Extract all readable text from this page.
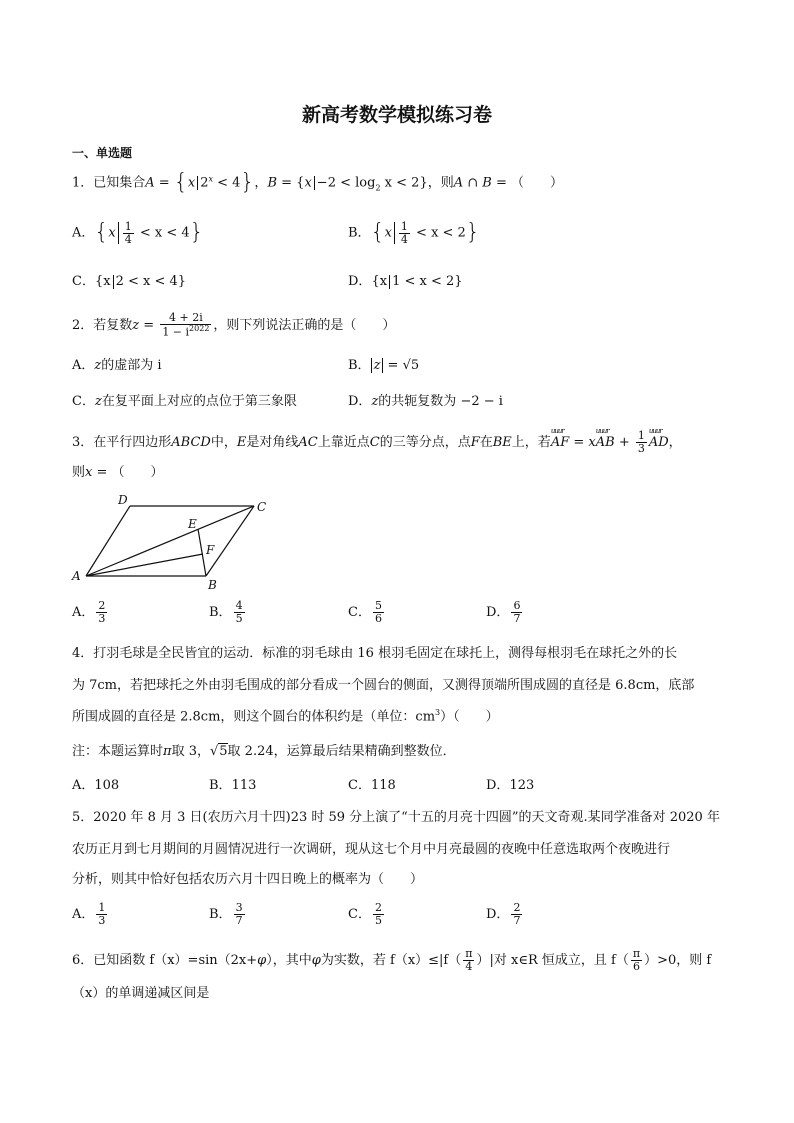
新高考数学模拟练习卷
一、单选题
1．已知集合A = {x $2^x < 4$}，$B = \{x -2 < \log_2 x < 2\}$，则A ∩ B = （　　）
A．$\{x \frac{1}{4} < x < 4\}$	B．$\{x \frac{1}{4} < x < 2\}$
C．{x 2 < x < 4}	D．{x 1 < x < 2}
2．若复数$z = \frac{4 + 2i}{1 - i^{2022}}$ ，则下列说法正确的是（　　）
A．z的虚部为 i	B． z = √5
C．z在复平面上对应的点位于第三象限	D．z的共轭复数为 −2 − i
3．在平行四边形ABCD中，E是对角线AC上靠近点C的三等分点，点F在BE上，若
uuur
AF = x
uuur
AB + $\frac{1}{3}$ uuur
AD，
则x = （　　）
A
B
C
D
E
F
A． $\frac{2}{3}$	B． $\frac{4}{5}$	C． $\frac{5}{6}$	D． $\frac{6}{7}$
4．打羽毛球是全民皆宜的运动．标准的羽毛球由 16 根羽毛固定在球托上，测得每根羽毛在球托之外的长
为 7cm，若把球托之外由羽毛围成的部分看成一个圆台的侧面，又测得顶端所围成圆的直径是 6.8cm，底部
所围成圆的直径是 2.8cm，则这个圆台的体积约是（单位：$cm^3$）（　　）
注：本题运算时π取 3，√5取 2.24，运算最后结果精确到整数位．
A．108	B．113	C．118	D．123
5．2020 年 8 月 3 日(农历六月十四)23 时 59 分上演了“十五的月亮十四圆”的天文奇观.某同学准备对 2020 年
农历正月到七月期间的月圆情况进行一次调研，现从这七个月中月亮最圆的夜晚中任意选取两个夜晚进行
分析，则其中恰好包括农历六月十四日晚上的概率为（　　）
A． $\frac{1}{3}$	B． $\frac{3}{7}$	C． $\frac{2}{5}$	D． $\frac{2}{7}$
6．已知函数 f（x）=sin（2x+φ），其中φ为实数，若 $f(x)\le|f( \frac{\pi}{4}$ ）|对 x∈R 恒成立，且 $f( \frac{\pi}{6} )>0$，则 f
（x）的单调递减区间是
